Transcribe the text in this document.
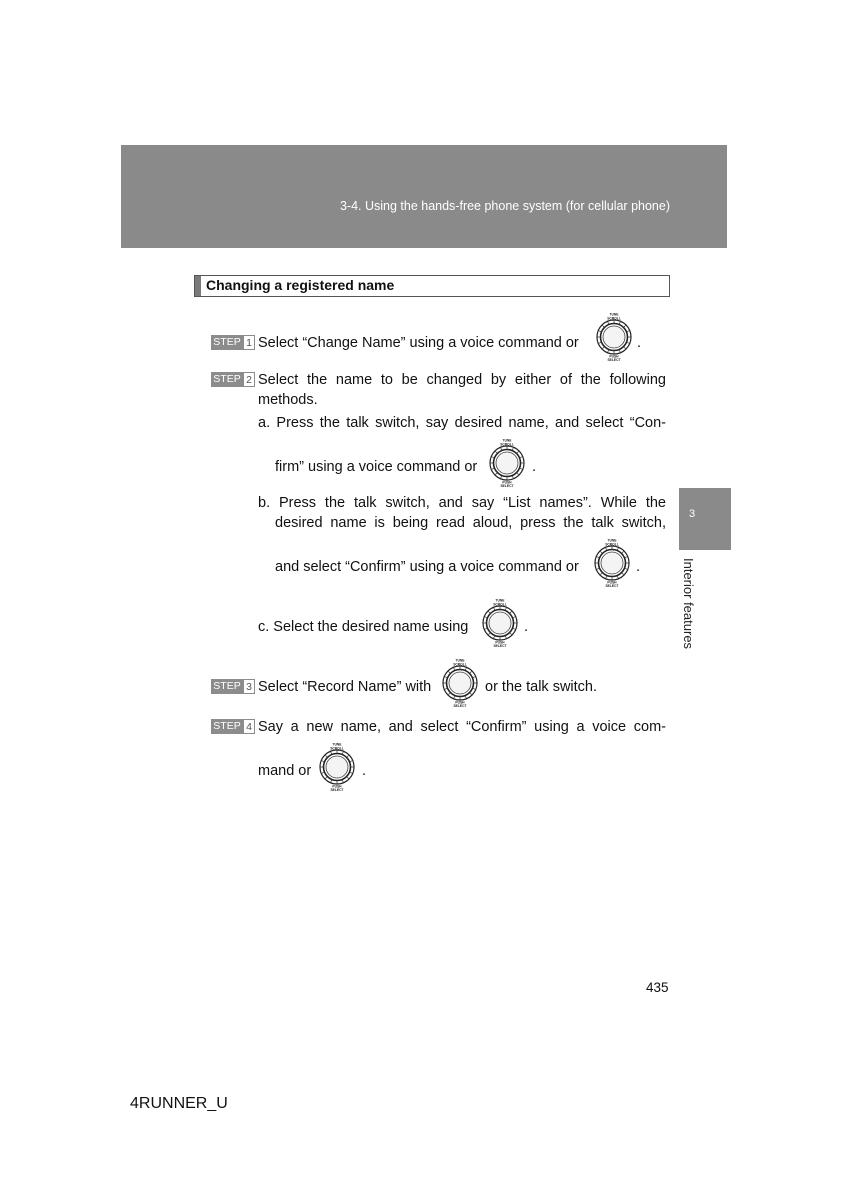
3-4. Using the hands-free phone system (for cellular phone)
3
Interior features
Changing a registered name
STEP 1 Select “Change Name” using a voice command or
TUNE
SCROLL
PUSH
SELECT
.
STEP 2 Select the name to be changed by either of the following
methods.
a. Press the talk switch, say desired name, and select “Con-
firm” using a voice command or
TUNE
SCROLL
PUSH
SELECT
.
b. Press the talk switch, and say “List names”. While the
desired name is being read aloud, press the talk switch,
and select “Confirm” using a voice command or
TUNE
SCROLL
PUSH
SELECT
.
c. Select the desired name using
TUNE
SCROLL
PUSH
SELECT
.
STEP 3 Select “Record Name” with
TUNE
SCROLL
PUSH
SELECT
or the talk switch.
STEP 4 Say a new name, and select “Confirm” using a voice com-
mand or
TUNE
SCROLL
PUSH
SELECT
.
435
4RUNNER_U
